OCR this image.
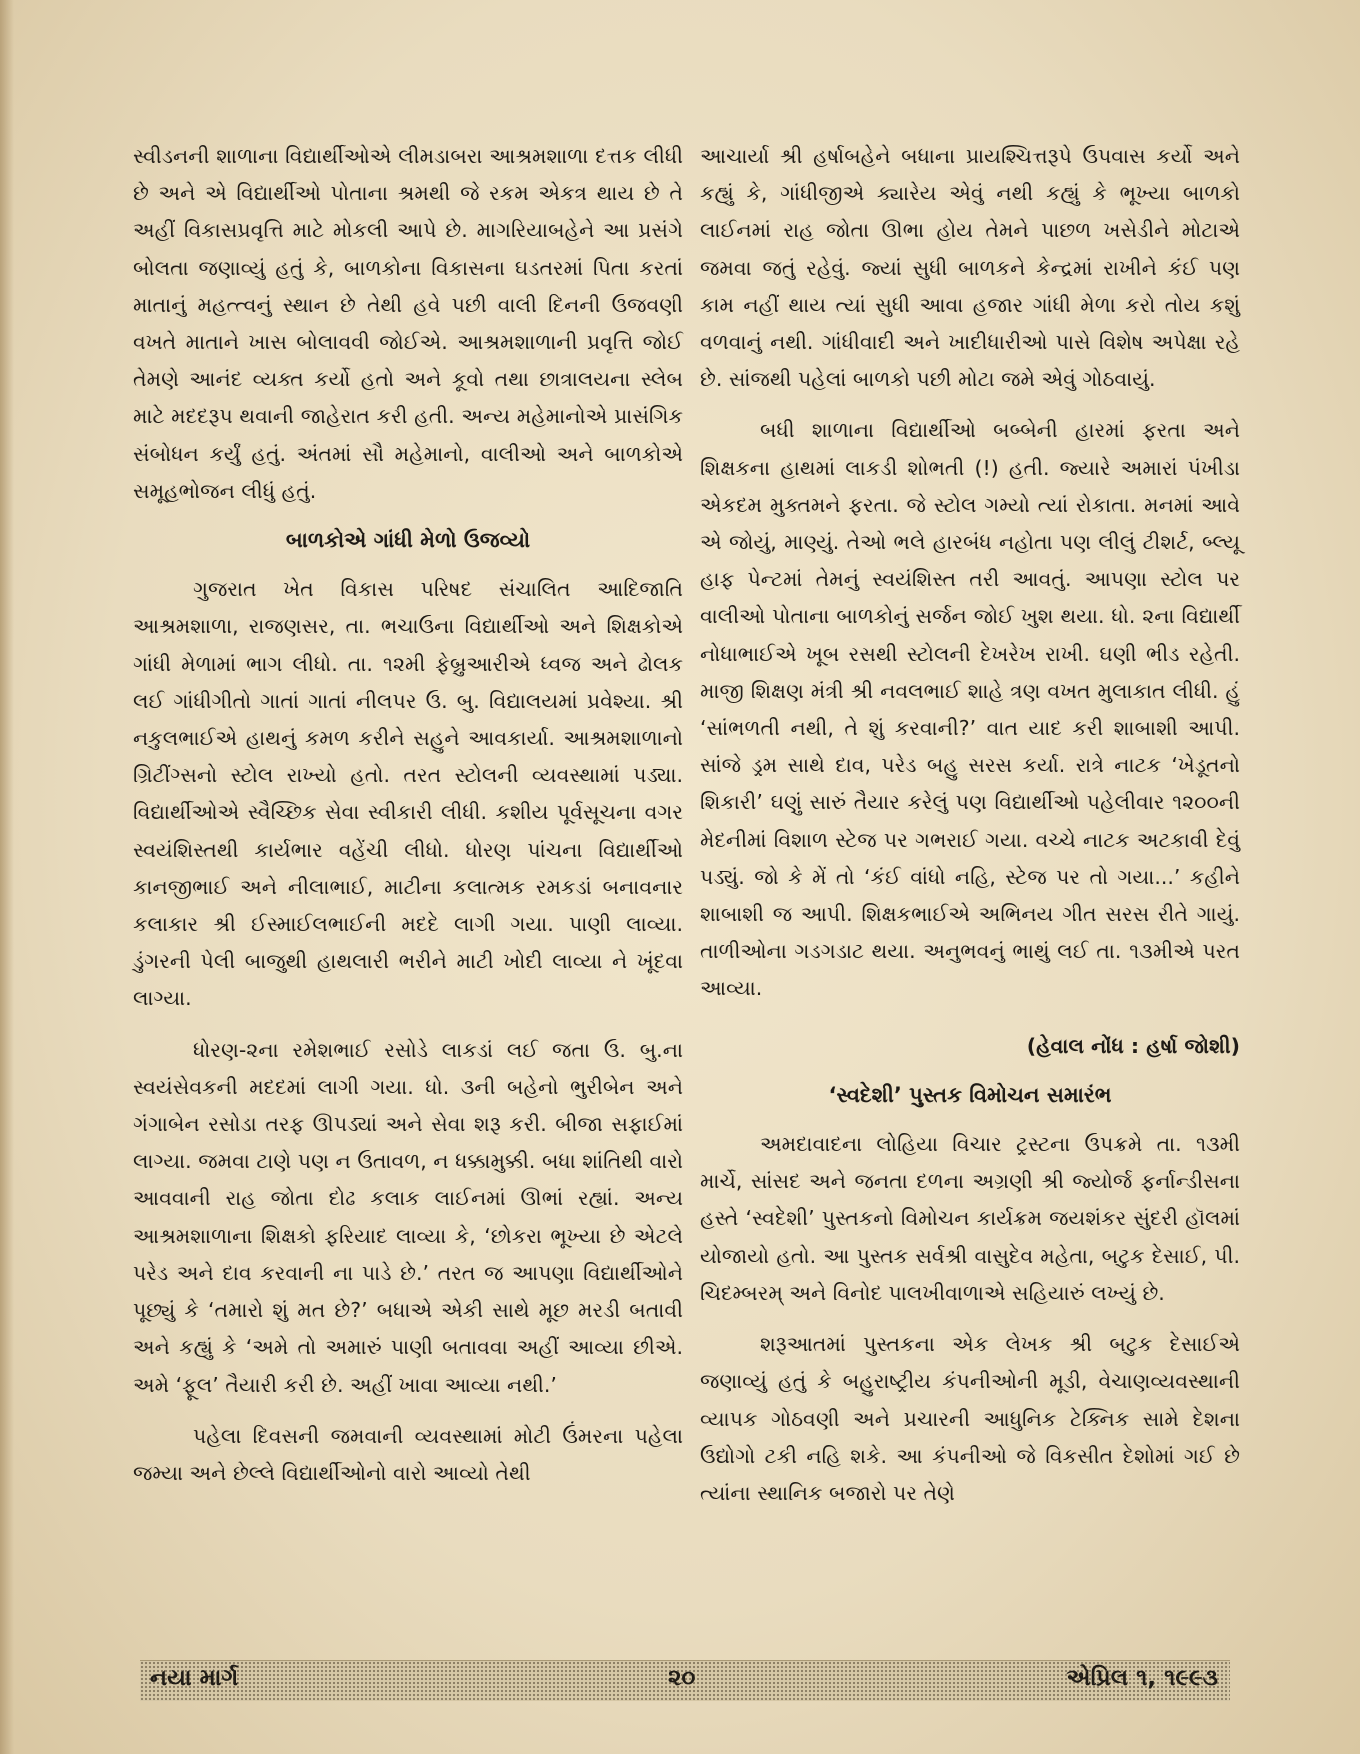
સ્વીડનની શાળાના વિદ્યાર્થીઓએ લીમડાબરા આશ્રમશાળા દત્તક લીધી છે અને એ વિદ્યાર્થીઓ પોતાના શ્રમથી જે રકમ એકત્ર થાય છે તે અહીં વિકાસપ્રવૃત્તિ માટે મોકલી આપે છે. માગરિયાબહેને આ પ્રસંગે બોલતા જણાવ્યું હતું કે, બાળકોના વિકાસના ઘડતરમાં પિતા કરતાં માતાનું મહત્ત્વનું સ્થાન છે તેથી હવે પછી વાલી દિનની ઉજવણી વખતે માતાને ખાસ બોલાવવી જોઈએ. આશ્રમશાળાની પ્રવૃત્તિ જોઈ તેમણે આનંદ વ્યક્ત કર્યો હતો અને કૂવો તથા છાત્રાલયના સ્લેબ માટે મદદરૂપ થવાની જાહેરાત કરી હતી. અન્ય મહેમાનોએ પ્રાસંગિક સંબોધન કર્યું હતું. અંતમાં સૌ મહેમાનો, વાલીઓ અને બાળકોએ સમૂહભોજન લીધું હતું.

બાળકોએ ગાંધી મેળો ઉજવ્યો

ગુજરાત ખેત વિકાસ પરિષદ સંચાલિત આદિજાતિ આશ્રમશાળા, રાજણસર, તા. ભચાઉના વિદ્યાર્થીઓ અને શિક્ષકોએ ગાંધી મેળામાં ભાગ લીધો. તા. ૧૨મી ફેબ્રુઆરીએ ધ્વજ અને ઢોલક લઈ ગાંધીગીતો ગાતાં ગાતાં નીલપર ઉ. બુ. વિદ્યાલયમાં પ્રવેશ્યા. શ્રી નકુલભાઈએ હાથનું કમળ કરીને સહુને આવકાર્યા. આશ્રમશાળાનો ગ્રિટીંગ્સનો સ્ટોલ રાખ્યો હતો. તરત સ્ટોલની વ્યવસ્થામાં પડ્યા. વિદ્યાર્થીઓએ સ્વૈચ્છિક સેવા સ્વીકારી લીધી. કશીય પૂર્વસૂચના વગર સ્વયંશિસ્તથી કાર્યભાર વહેંચી લીધો. ધોરણ પાંચના વિદ્યાર્થીઓ કાનજીભાઈ અને નીલાભાઈ, માટીના કલાત્મક રમકડાં બનાવનાર કલાકાર શ્રી ઈસ્માઈલભાઈની મદદે લાગી ગયા. પાણી લાવ્યા. ડુંગરની પેલી બાજુથી હાથલારી ભરીને માટી ખોદી લાવ્યા ને ખૂંદવા લાગ્યા.

ધોરણ-૨ના રમેશભાઈ રસોડે લાકડાં લઈ જતા ઉ. બુ.ના સ્વયંસેવકની મદદમાં લાગી ગયા. ધો. ૩ની બહેનો ભુરીબેન અને ગંગાબેન રસોડા તરફ ઊપડ્યાં અને સેવા શરૂ કરી. બીજા સફાઈમાં લાગ્યા. જમવા ટાણે પણ ન ઉતાવળ, ન ધક્કામુક્કી. બધા શાંતિથી વારો આવવાની રાહ જોતા દોઢ કલાક લાઈનમાં ઊભાં રહ્યાં. અન્ય આશ્રમશાળાના શિક્ષકો ફરિયાદ લાવ્યા કે, ‘છોકરા ભૂખ્યા છે એટલે પરેડ અને દાવ કરવાની ના પાડે છે.’ તરત જ આપણા વિદ્યાર્થીઓને પૂછ્યું કે ‘તમારો શું મત છે?’ બધાએ એકી સાથે મૂછ મરડી બતાવી અને કહ્યું કે ‘અમે તો અમારું પાણી બતાવવા અહીં આવ્યા છીએ. અમે ‘ફૂલ’ તૈયારી કરી છે. અહીં ખાવા આવ્યા નથી.’

પહેલા દિવસની જમવાની વ્યવસ્થામાં મોટી ઉંમરના પહેલા જમ્યા અને છેલ્લે વિદ્યાર્થીઓનો વારો આવ્યો તેથી

આચાર્યા શ્રી હર્ષાબહેને બધાના પ્રાયશ્ચિત્તરૂપે ઉપવાસ કર્યો અને કહ્યું કે, ગાંધીજીએ ક્યારેય એવું નથી કહ્યું કે ભૂખ્યા બાળકો લાઈનમાં રાહ જોતા ઊભા હોય તેમને પાછળ ખસેડીને મોટાએ જમવા જતું રહેવું. જ્યાં સુધી બાળકને કેન્દ્રમાં રાખીને કંઈ પણ કામ નહીં થાય ત્યાં સુધી આવા હજાર ગાંધી મેળા કરો તોય કશું વળવાનું નથી. ગાંધીવાદી અને ખાદીધારીઓ પાસે વિશેષ અપેક્ષા રહે છે. સાંજથી પહેલાં બાળકો પછી મોટા જમે એવું ગોઠવાયું.

બધી શાળાના વિદ્યાર્થીઓ બબ્બેની હારમાં ફરતા અને શિક્ષકના હાથમાં લાકડી શોભતી (!) હતી. જ્યારે અમારાં પંખીડા એકદમ મુક્તમને ફરતા. જે સ્ટોલ ગમ્યો ત્યાં રોકાતા. મનમાં આવે એ જોયું, માણ્યું. તેઓ ભલે હારબંધ નહોતા પણ લીલું ટીશર્ટ, બ્લ્યૂ હાફ પેન્ટમાં તેમનું સ્વયંશિસ્ત તરી આવતું. આપણા સ્ટોલ પર વાલીઓ પોતાના બાળકોનું સર્જન જોઈ ખુશ થયા. ધો. ૨ના વિદ્યાર્થી નોધાભાઈએ ખૂબ રસથી સ્ટોલની દેખરેખ રાખી. ઘણી ભીડ રહેતી. માજી શિક્ષણ મંત્રી શ્રી નવલભાઈ શાહે ત્રણ વખત મુલાકાત લીધી. હું ‘સાંભળતી નથી, તે શું કરવાની?’ વાત યાદ કરી શાબાશી આપી. સાંજે ડ્રમ સાથે દાવ, પરેડ બહુ સરસ કર્યા. રાત્રે નાટક ‘ખેડૂતનો શિકારી’ ઘણું સારું તૈયાર કરેલું પણ વિદ્યાર્થીઓ પહેલીવાર ૧૨૦૦ની મેદનીમાં વિશાળ સ્ટેજ પર ગભરાઈ ગયા. વચ્ચે નાટક અટકાવી દેવું પડ્યું. જો કે મેં તો ‘કંઈ વાંધો નહિ, સ્ટેજ પર તો ગયા...’ કહીને શાબાશી જ આપી. શિક્ષકભાઈએ અભિનય ગીત સરસ રીતે ગાયું. તાળીઓના ગડગડાટ થયા. અનુભવનું ભાથું લઈ તા. ૧૩મીએ પરત આવ્યા.

(હેવાલ નોંધ : હર્ષા જોશી)
‘સ્વદેશી’ પુસ્તક વિમોચન સમારંભ

અમદાવાદના લોહિયા વિચાર ટ્રસ્ટના ઉપક્રમે તા. ૧૩મી માર્ચે, સાંસદ અને જનતા દળના અગ્રણી શ્રી જ્યોર્જ ફર્નાન્ડીસના હસ્તે ‘સ્વદેશી’ પુસ્તકનો વિમોચન કાર્યક્રમ જયશંકર સુંદરી હૉલમાં યોજાયો હતો. આ પુસ્તક સર્વશ્રી વાસુદેવ મહેતા, બટુક દેસાઈ, પી. ચિદમ્બરમ્ અને વિનોદ પાલખીવાળાએ સહિયારું લખ્યું છે.

શરૂઆતમાં પુસ્તકના એક લેખક શ્રી બટુક દેસાઈએ જણાવ્યું હતું કે બહુરાષ્ટ્રીય કંપનીઓની મૂડી, વેચાણવ્યવસ્થાની વ્યાપક ગોઠવણી અને પ્રચારની આધુનિક ટેક્નિક સામે દેશના ઉદ્યોગો ટકી નહિ શકે. આ કંપનીઓ જે વિકસીત દેશોમાં ગઈ છે ત્યાંના સ્થાનિક બજારો પર તેણે

નયા માર્ગ	૨૦	એપ્રિલ ૧, ૧૯૯૩
